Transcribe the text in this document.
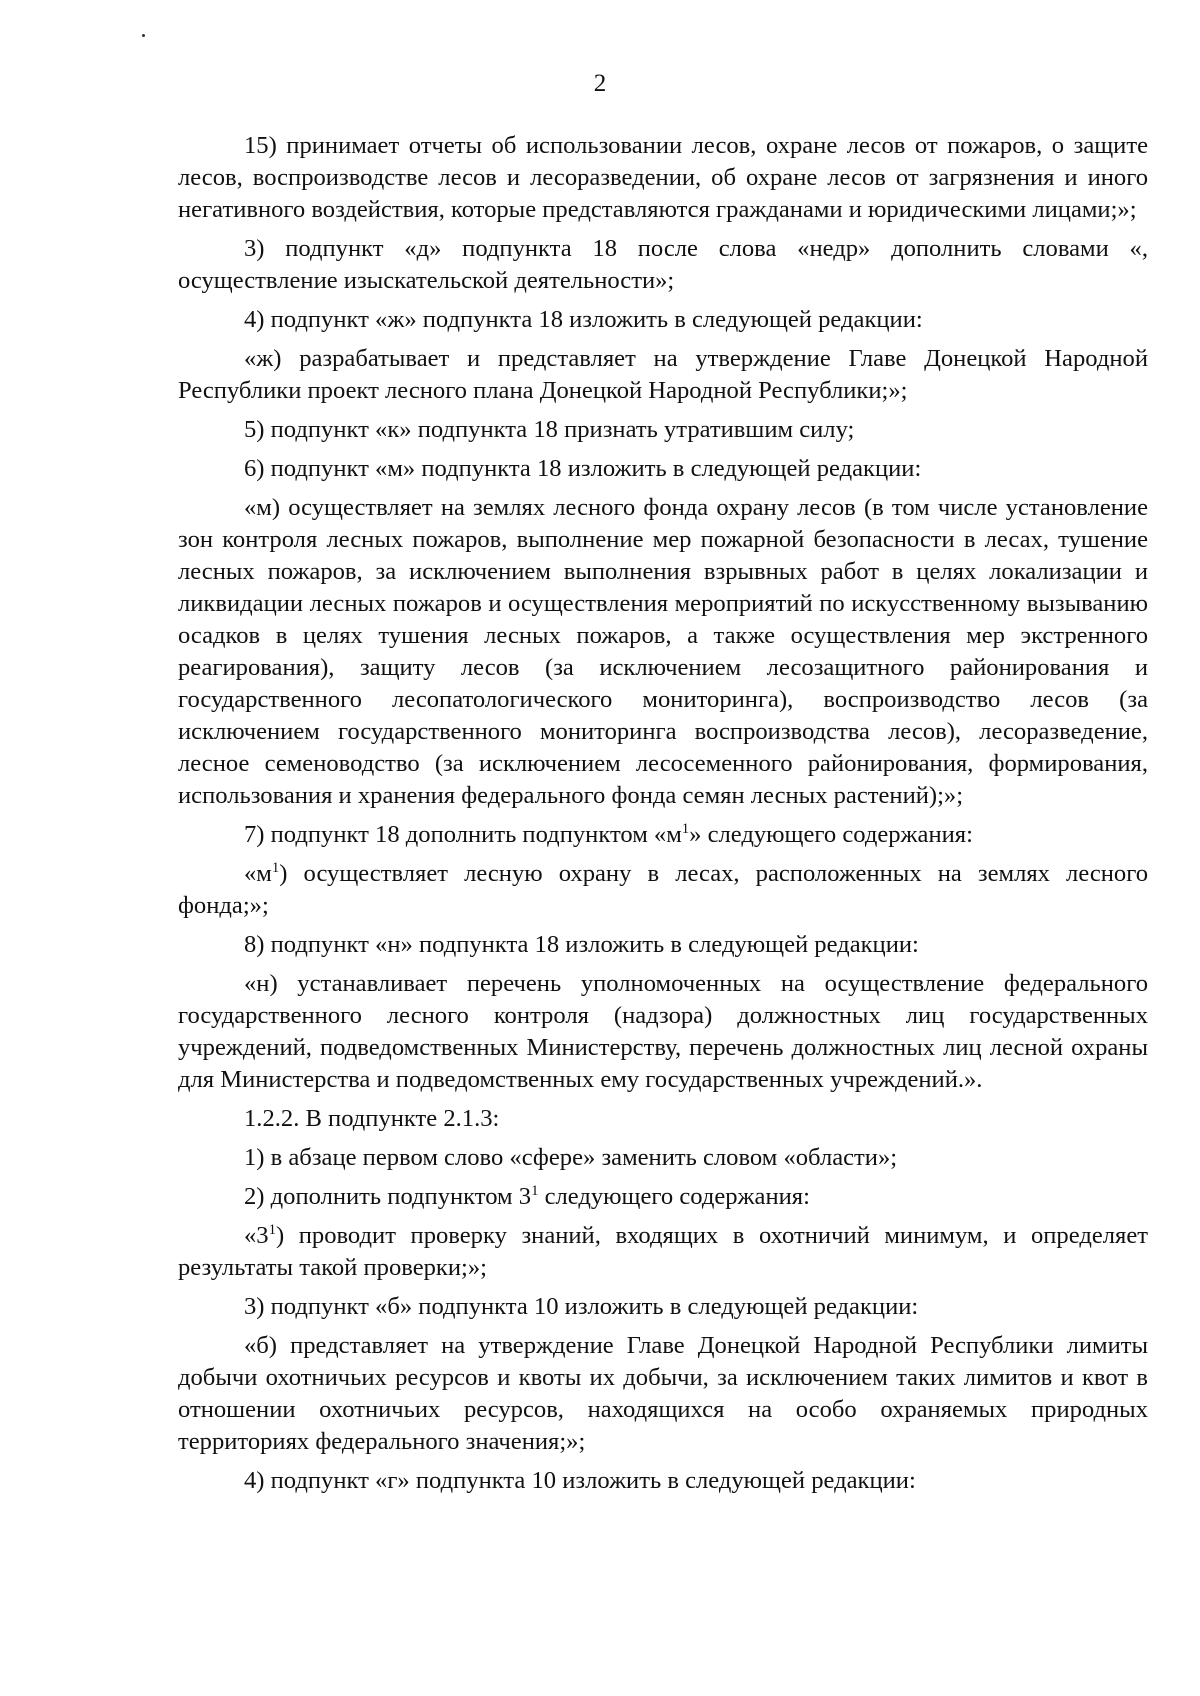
2

15) принимает отчеты об использовании лесов, охране лесов от пожаров, о защите лесов, воспроизводстве лесов и лесоразведении, об охране лесов от загрязнения и иного негативного воздействия, которые представляются гражданами и юридическими лицами;»;

3) подпункт «д» подпункта 18 после слова «недр» дополнить словами «, осуществление изыскательской деятельности»;

4) подпункт «ж» подпункта 18 изложить в следующей редакции:

«ж) разрабатывает и представляет на утверждение Главе Донецкой Народной Республики проект лесного плана Донецкой Народной Республики;»;

5) подпункт «к» подпункта 18 признать утратившим силу;

6) подпункт «м» подпункта 18 изложить в следующей редакции:

«м) осуществляет на землях лесного фонда охрану лесов (в том числе установление зон контроля лесных пожаров, выполнение мер пожарной безопасности в лесах, тушение лесных пожаров, за исключением выполнения взрывных работ в целях локализации и ликвидации лесных пожаров и осуществления мероприятий по искусственному вызыванию осадков в целях тушения лесных пожаров, а также осуществления мер экстренного реагирования), защиту лесов (за исключением лесозащитного районирования и государственного лесопатологического мониторинга), воспроизводство лесов (за исключением государственного мониторинга воспроизводства лесов), лесоразведение, лесное семеноводство (за исключением лесосеменного районирования, формирования, использования и хранения федерального фонда семян лесных растений);»;

7) подпункт 18 дополнить подпунктом «$м^1$» следующего содержания:

«$м^1$) осуществляет лесную охрану в лесах, расположенных на землях лесного фонда;»;

8) подпункт «н» подпункта 18 изложить в следующей редакции:

«н) устанавливает перечень уполномоченных на осуществление федерального государственного лесного контроля (надзора) должностных лиц государственных учреждений, подведомственных Министерству, перечень должностных лиц лесной охраны для Министерства и подведомственных ему государственных учреждений.».

1.2.2. В подпункте 2.1.3:

1) в абзаце первом слово «сфере» заменить словом «области»;

2) дополнить подпунктом $3^1$ следующего содержания:

«$3^1$) проводит проверку знаний, входящих в охотничий минимум, и определяет результаты такой проверки;»;

3) подпункт «б» подпункта 10 изложить в следующей редакции:

«б) представляет на утверждение Главе Донецкой Народной Республики лимиты добычи охотничьих ресурсов и квоты их добычи, за исключением таких лимитов и квот в отношении охотничьих ресурсов, находящихся на особо охраняемых природных территориях федерального значения;»;

4) подпункт «г» подпункта 10 изложить в следующей редакции:
